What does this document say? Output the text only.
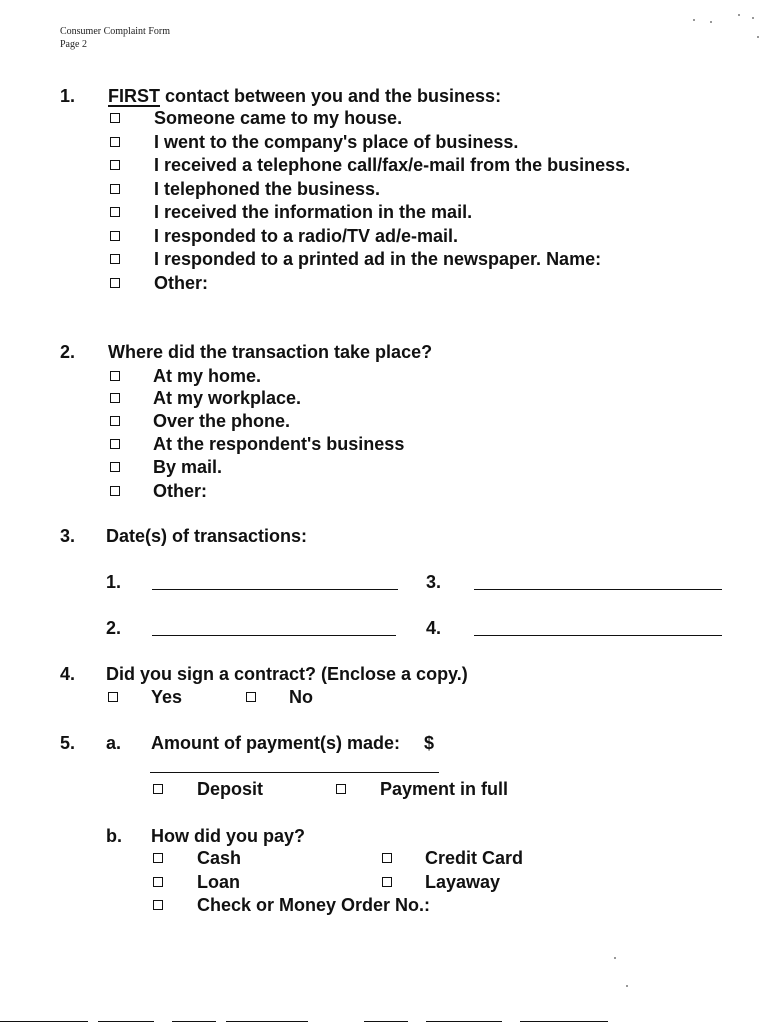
Consumer Complaint Form
Page 2
1. FIRST contact between you and the business:
Someone came to my house.
I went to the company's place of business.
I received a telephone call/fax/e-mail from the business.
I telephoned the business.
I received the information in the mail.
I responded to a radio/TV ad/e-mail.
I responded to a printed ad in the newspaper. Name:
Other:
2. Where did the transaction take place?
At my home.
At my workplace.
Over the phone.
At the respondent's business
By mail.
Other:
3. Date(s) of transactions:
1.	3.
2.	4.
4. Did you sign a contract? (Enclose a copy.)
Yes	No
5. a. Amount of payment(s) made: $
Deposit	Payment in full
b. How did you pay?
Cash	Credit Card
Loan	Layaway
Check or Money Order No.:
